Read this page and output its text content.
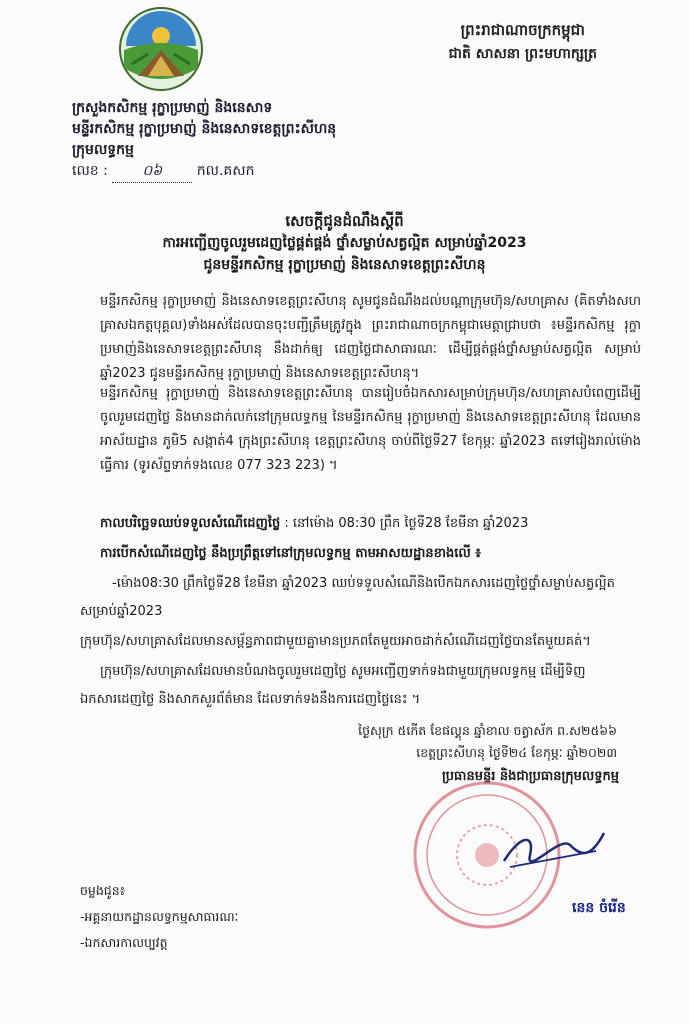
ព្រះរាជាណាចក្រកម្ពុជា
ជាតិ សាសនា ព្រះមហាក្សត្រ
ក្រសួងកសិកម្ម រុក្ខាប្រមាញ់ និងនេសាទ
មន្ទីរកសិកម្ម រុក្ខាប្រមាញ់ និងនេសាទខេត្តព្រះសីហនុ
ក្រុមលទ្ធកម្ម
លេខ : ០៦ កល.គសក
សេចក្តីជូនដំណឹងស្តីពី
ការអញ្ជើញចូលរួមដេញថ្លៃផ្គត់ផ្គង់ ថ្នាំសម្លាប់សត្វល្អិត សម្រាប់ឆ្នាំ2023
ជូនមន្ទីរកសិកម្ម រុក្ខាប្រមាញ់ និងនេសាទខេត្តព្រះសីហនុ
មន្ទីរកសិកម្ម រុក្ខាប្រមាញ់ និងនេសាទខេត្តព្រះសីហនុ សូមជូនដំណឹងដល់បណ្តាក្រុមហ៊ុន/សហគ្រាស (គិតទាំងសហគ្រាសឯកត្តបុគ្គល)ទាំងអស់ដែលបានចុះបញ្ជីត្រឹមត្រូវក្នុង ព្រះរាជាណាចក្រកម្ពុជាមេត្តាជ្រាបថា ៖មន្ទីរកសិកម្ម រុក្ខាប្រមាញ់និងនេសាទខេត្តព្រះសីហនុ នឹងដាក់ឲ្យ ដេញថ្លៃជាសាធារណៈ ដើម្បីផ្គត់ផ្គង់ថ្នាំសម្លាប់សត្វល្អិត សម្រាប់ឆ្នាំ2023 ជូនមន្ទីរកសិកម្ម រុក្ខាប្រមាញ់ និងនេសាទខេត្តព្រះសីហនុ។
មន្ទីរកសិកម្ម រុក្ខាប្រមាញ់ និងនេសាទខេត្តព្រះសីហនុ បានរៀបចំឯកសារសម្រាប់ក្រុមហ៊ុន/សហគ្រាសបំពេញដើម្បីចូលរួមដេញថ្លៃ និងមានដាក់លក់នៅក្រុមលទ្ធកម្ម នៃមន្ទីរកសិកម្ម រុក្ខាប្រមាញ់ និងនេសាទខេត្តព្រះសីហនុ ដែលមានអាស័យដ្ឋាន ភូមិ5 សង្កាត់4 ក្រុងព្រះសីហនុ ខេត្តព្រះសីហនុ ចាប់ពីថ្ងៃទី27 ខែកុម្ភៈ ឆ្នាំ2023 តទៅរៀងរាល់ម៉ោងធ្វើការ (ទូរស័ព្ទទាក់ទងលេខ 077 323 223) ។
កាលបរិច្ឆេទឈប់ទទួលសំណើដេញថ្លៃ : នៅម៉ោង 08:30 ព្រឹក ថ្ងៃទី28 ខែមីនា ឆ្នាំ2023
ការបើកសំណើដេញថ្លៃ នឹងប្រព្រឹត្តទៅនៅក្រុមលទ្ធកម្ម តាមអាសយដ្ឋានខាងលើ ៖
-ម៉ោង08:30 ព្រឹកថ្ងៃទី28 ខែមីនា ឆ្នាំ2023 ឈប់ទទួលសំណើនិងបើកឯកសារដេញថ្លៃថ្នាំសម្លាប់សត្វល្អិត
សម្រាប់ឆ្នាំ2023
ក្រុមហ៊ុន/សហគ្រាសដែលមានសម្ព័ន្ធភាពជាមួយគ្នាមានប្រភពតែមួយអាចដាក់សំណើដេញថ្លៃបានតែមួយគត់។
ក្រុមហ៊ុន/សហគ្រាសដែលមានបំណងចូលរួមដេញថ្លៃ សូមអញ្ជើញទាក់ទងជាមួយក្រុមលទ្ធកម្ម ដើម្បីទិញ
ឯកសារដេញថ្លៃ និងសាកសួរព័ត៌មាន ដែលទាក់ទងនឹងការដេញថ្លៃនេះ ។
ថ្ងៃសុក្រ ៥កើត ខែផល្គុន ឆ្នាំខាល ចត្វាស័ក ព.ស២៥៦៦
ខេត្តព្រះសីហនុ ថ្ងៃទី២៤ ខែកុម្ភៈ ឆ្នាំ២០២៣
ប្រធានមន្ទីរ និងជាប្រធានក្រុមលទ្ធកម្ម
នេន ចំរើន
ចម្លងជូន៖
-អគ្គនាយកដ្ឋានលទ្ធកម្មសាធារណៈ
-ឯកសារកាលប្បវត្ត
